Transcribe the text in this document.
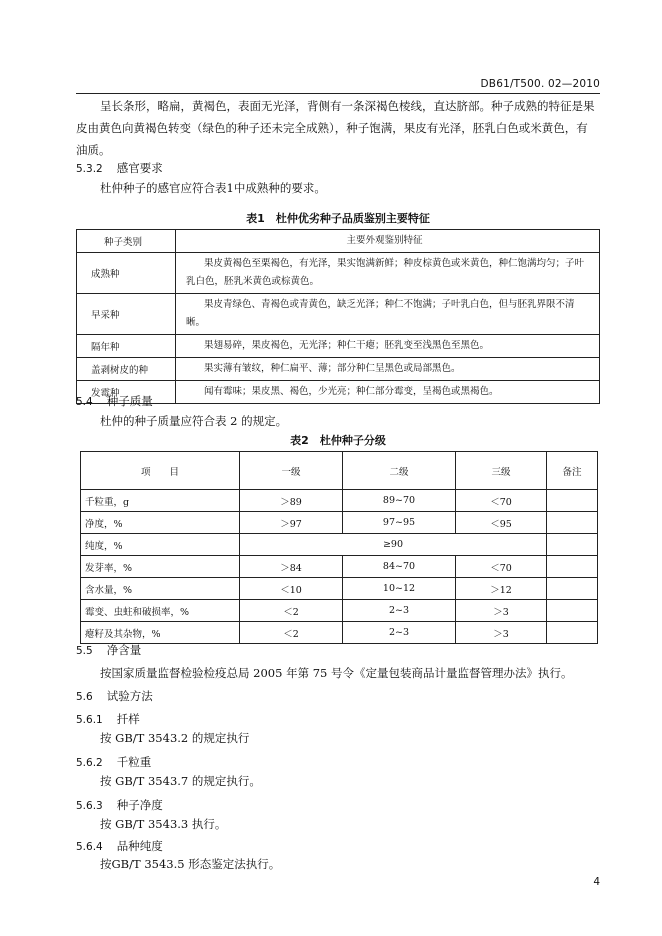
DB61/T500. 02—2010
呈长条形，略扁，黄褐色，表面无光泽，背侧有一条深褐色棱线，直达脐部。种子成熟的特征是果
皮由黄色向黄褐色转变（绿色的种子还未完全成熟），种子饱满，果皮有光泽，胚乳白色或米黄色，有
油质。
5.3.2 感官要求
杜仲种子的感官应符合表1中成熟种的要求。
表1　杜仲优劣种子品质鉴别主要特征
种子类别	主要外观鉴别特征
成熟种	果皮黄褐色至栗褐色，有光泽，果实饱满新鲜；种皮棕黄色或米黄色，种仁饱满均匀；子叶乳白色，胚乳米黄色或棕黄色。
早采种	果皮青绿色、青褐色或青黄色，缺乏光泽；种仁不饱满；子叶乳白色，但与胚乳界限不清晰。
隔年种	果翅易碎，果皮褐色，无光泽；种仁干瘪；胚乳变至浅黑色至黑色。
盖剥树皮的种	果实薄有皱纹，种仁扁平、薄；部分种仁呈黑色或局部黑色。
发霉种	闻有霉味；果皮黑、褐色，少光亮；种仁部分霉变，呈褐色或黑褐色。
5.4 种子质量
杜仲的种子质量应符合表 2 的规定。
表2　杜仲种子分级
项　　目	一级	二级	三级	备注
千粒重，g	＞89	89~70	＜70	
净度，%	＞97	97~95	＜95	
纯度，%	≥90			
发芽率，%	＞84	84~70	＜70	
含水量，%	＜10	10~12	＞12	
霉变、虫蛀和破损率，%	＜2	2~3	＞3	
瘪籽及其杂物，%	＜2	2~3	＞3	
5.5 净含量
按国家质量监督检验检疫总局 2005 年第 75 号令《定量包装商品计量监督管理办法》执行。
5.6 试验方法
5.6.1 扦样
按 GB/T 3543.2 的规定执行
5.6.2 千粒重
按 GB/T 3543.7 的规定执行。
5.6.3 种子净度
按 GB/T 3543.3 执行。
5.6.4 品种纯度
按GB/T 3543.5 形态鉴定法执行。
4
